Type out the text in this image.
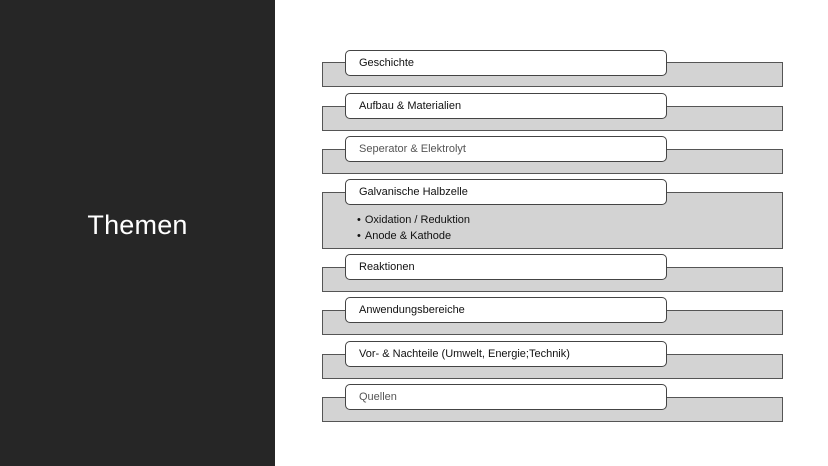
Themen
Geschichte
Aufbau & Materialien
Seperator & Elektrolyt
Galvanische Halbzelle
• Oxidation / Reduktion
• Anode & Kathode
Reaktionen
Anwendungsbereiche
Vor- & Nachteile (Umwelt, Energie;Technik)
Quellen
